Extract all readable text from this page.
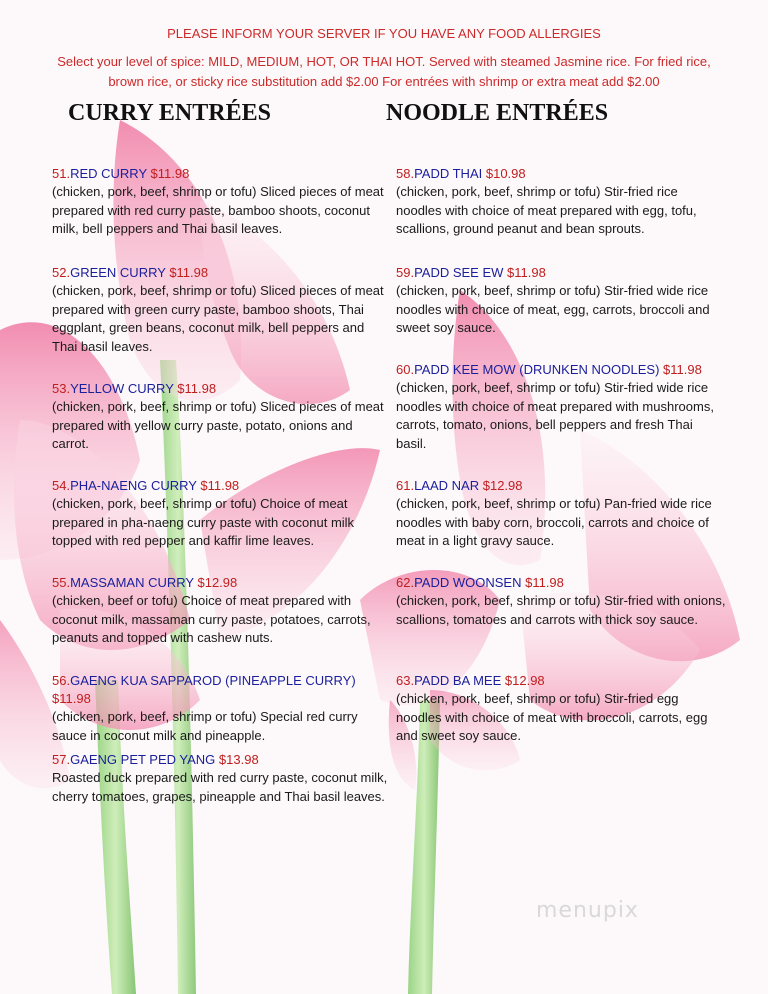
PLEASE INFORM YOUR SERVER IF YOU HAVE ANY FOOD ALLERGIES
Select your level of spice: MILD, MEDIUM, HOT, OR THAI HOT. Served with steamed Jasmine rice. For fried rice, brown rice, or sticky rice substitution add $2.00 For entrées with shrimp or extra meat add $2.00
CURRY ENTRÉES	NOODLE ENTRÉES
51.RED CURRY $11.98
(chicken, pork, beef, shrimp or tofu) Sliced pieces of meat prepared with red curry paste, bamboo shoots, coconut milk, bell peppers and Thai basil leaves.
52.GREEN CURRY $11.98
(chicken, pork, beef, shrimp or tofu) Sliced pieces of meat prepared with green curry paste, bamboo shoots, Thai eggplant, green beans, coconut milk, bell peppers and Thai basil leaves.
53.YELLOW CURRY $11.98
(chicken, pork, beef, shrimp or tofu) Sliced pieces of meat prepared with yellow curry paste, potato, onions and carrot.
54.PHA-NAENG CURRY $11.98
(chicken, pork, beef, shrimp or tofu) Choice of meat prepared in pha-naeng curry paste with coconut milk topped with red pepper and kaffir lime leaves.
55.MASSAMAN CURRY $12.98
(chicken, beef or tofu) Choice of meat prepared with coconut milk, massaman curry paste, potatoes, carrots, peanuts and topped with cashew nuts.
56.GAENG KUA SAPPAROD (PINEAPPLE CURRY) $11.98
(chicken, pork, beef, shrimp or tofu) Special red curry sauce in coconut milk and pineapple.
57.GAENG PET PED YANG $13.98
Roasted duck prepared with red curry paste, coconut milk, cherry tomatoes, grapes, pineapple and Thai basil leaves.
58.PADD THAI $10.98
(chicken, pork, beef, shrimp or tofu) Stir-fried rice noodles with choice of meat prepared with egg, tofu, scallions, ground peanut and bean sprouts.
59.PADD SEE EW $11.98
(chicken, pork, beef, shrimp or tofu) Stir-fried wide rice noodles with choice of meat, egg, carrots, broccoli and sweet soy sauce.
60.PADD KEE MOW (DRUNKEN NOODLES) $11.98
(chicken, pork, beef, shrimp or tofu) Stir-fried wide rice noodles with choice of meat prepared with mushrooms, carrots, tomato, onions, bell peppers and fresh Thai basil.
61.LAAD NAR $12.98
(chicken, pork, beef, shrimp or tofu) Pan-fried wide rice noodles with baby corn, broccoli, carrots and choice of meat in a light gravy sauce.
62.PADD WOONSEN $11.98
(chicken, pork, beef, shrimp or tofu) Stir-fried with onions, scallions, tomatoes and carrots with thick soy sauce.
63.PADD BA MEE $12.98
(chicken, pork, beef, shrimp or tofu) Stir-fried egg noodles with choice of meat with broccoli, carrots, egg and sweet soy sauce.
menupix
